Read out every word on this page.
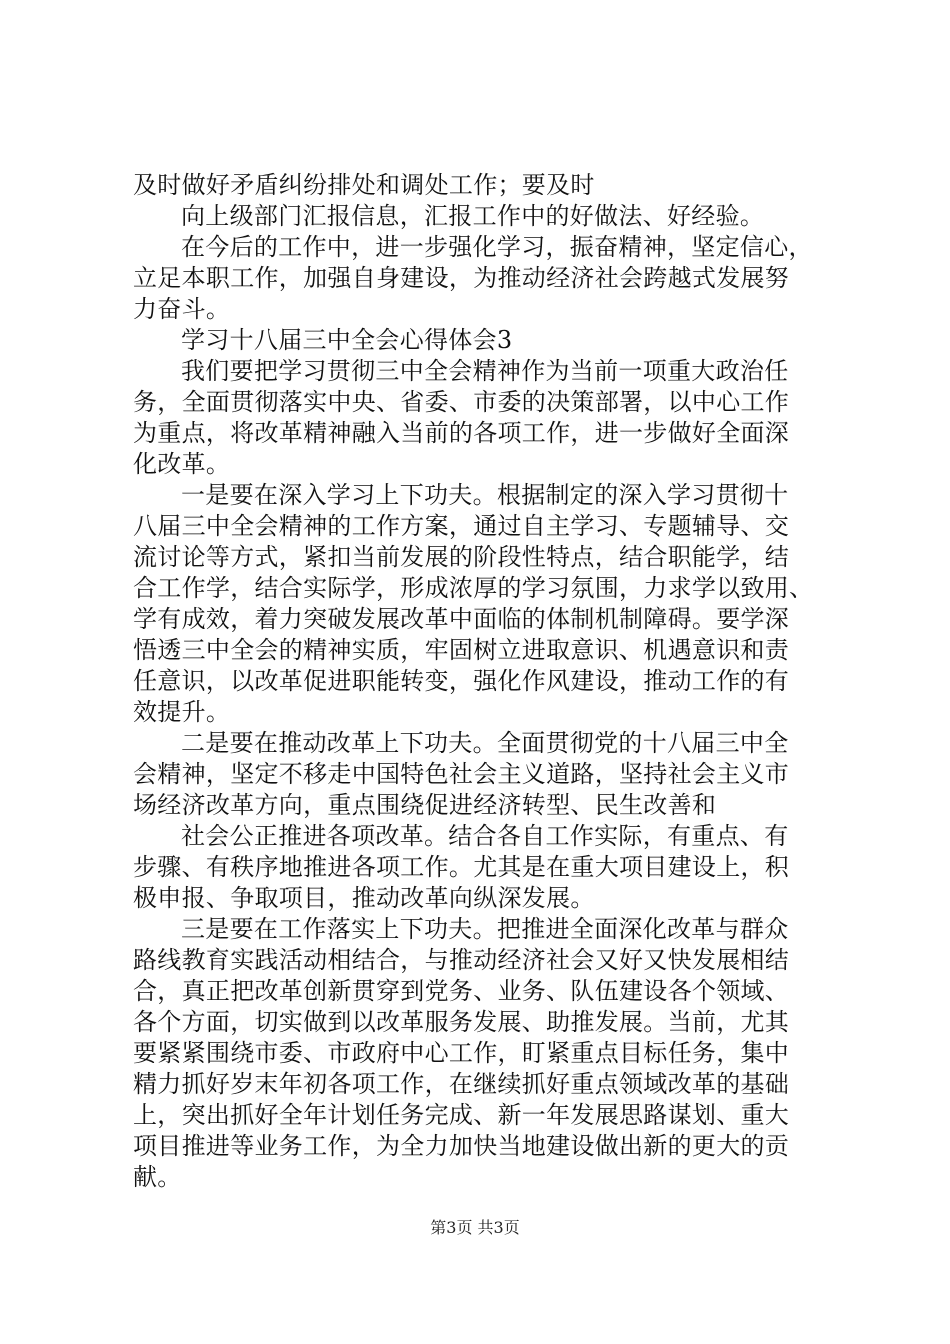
及时做好矛盾纠纷排处和调处工作；要及时
向上级部门汇报信息，汇报工作中的好做法、好经验。
在今后的工作中，进一步强化学习，振奋精神，坚定信心，
立足本职工作，加强自身建设，为推动经济社会跨越式发展努
力奋斗。
学习十八届三中全会心得体会3
我们要把学习贯彻三中全会精神作为当前一项重大政治任
务，全面贯彻落实中央、省委、市委的决策部署，以中心工作
为重点，将改革精神融入当前的各项工作，进一步做好全面深
化改革。
一是要在深入学习上下功夫。根据制定的深入学习贯彻十
八届三中全会精神的工作方案，通过自主学习、专题辅导、交
流讨论等方式，紧扣当前发展的阶段性特点，结合职能学，结
合工作学，结合实际学，形成浓厚的学习氛围，力求学以致用、
学有成效，着力突破发展改革中面临的体制机制障碍。要学深
悟透三中全会的精神实质，牢固树立进取意识、机遇意识和责
任意识，以改革促进职能转变，强化作风建设，推动工作的有
效提升。
二是要在推动改革上下功夫。全面贯彻党的十八届三中全
会精神，坚定不移走中国特色社会主义道路，坚持社会主义市
场经济改革方向，重点围绕促进经济转型、民生改善和
社会公正推进各项改革。结合各自工作实际，有重点、有
步骤、有秩序地推进各项工作。尤其是在重大项目建设上，积
极申报、争取项目，推动改革向纵深发展。
三是要在工作落实上下功夫。把推进全面深化改革与群众
路线教育实践活动相结合，与推动经济社会又好又快发展相结
合，真正把改革创新贯穿到党务、业务、队伍建设各个领域、
各个方面，切实做到以改革服务发展、助推发展。当前，尤其
要紧紧围绕市委、市政府中心工作，盯紧重点目标任务，集中
精力抓好岁末年初各项工作，在继续抓好重点领域改革的基础
上，突出抓好全年计划任务完成、新一年发展思路谋划、重大
项目推进等业务工作，为全力加快当地建设做出新的更大的贡
献。
第3页 共3页
